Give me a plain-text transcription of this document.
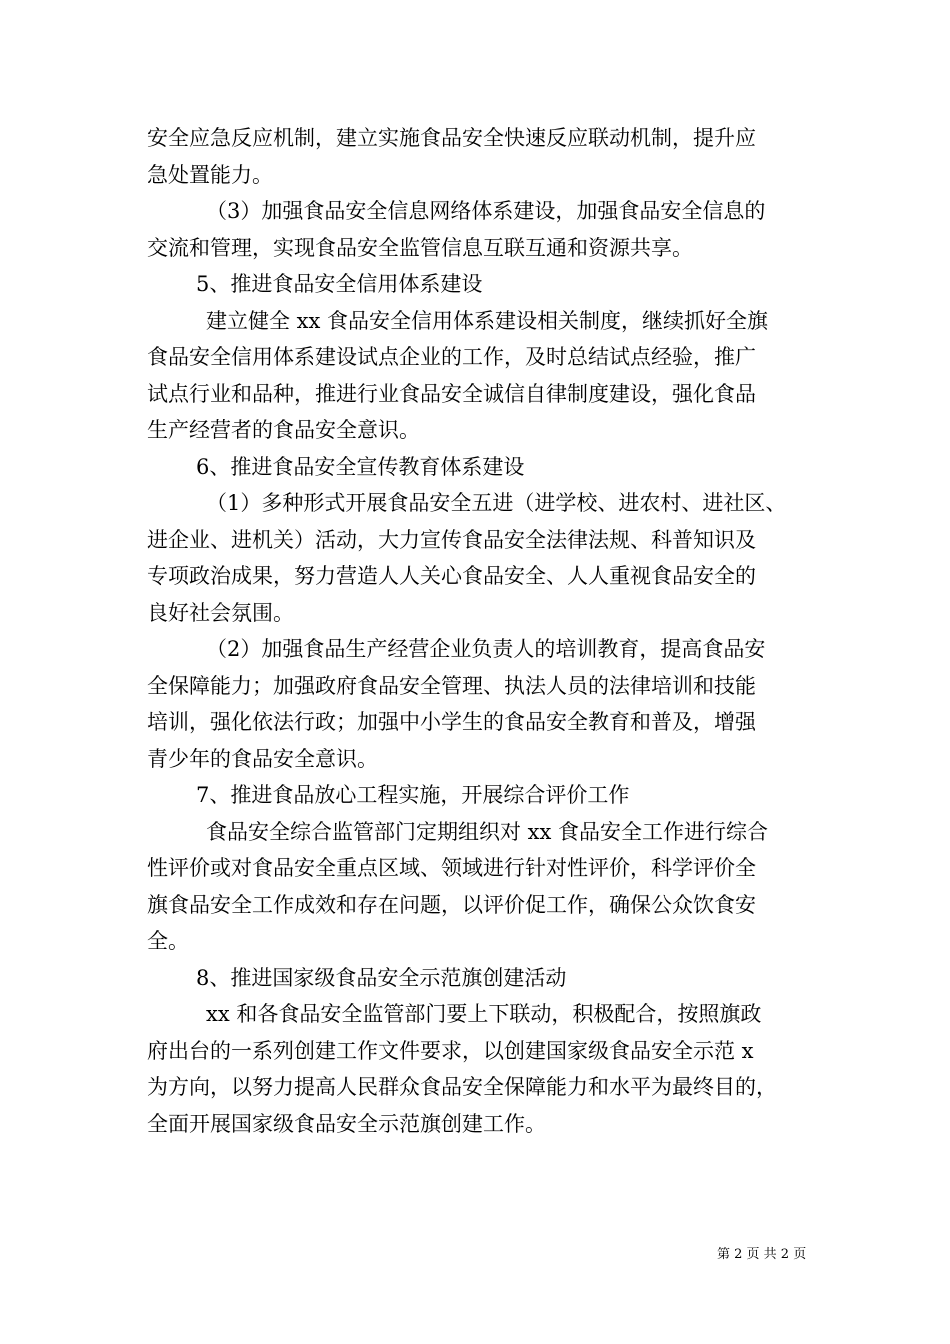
安全应急反应机制，建立实施食品安全快速反应联动机制，提升应
急处置能力。
（3）加强食品安全信息网络体系建设，加强食品安全信息的
交流和管理，实现食品安全监管信息互联互通和资源共享。
5、推进食品安全信用体系建设
建立健全 xx 食品安全信用体系建设相关制度，继续抓好全旗
食品安全信用体系建设试点企业的工作，及时总结试点经验，推广
试点行业和品种，推进行业食品安全诚信自律制度建设，强化食品
生产经营者的食品安全意识。
6、推进食品安全宣传教育体系建设
（1）多种形式开展食品安全五进（进学校、进农村、进社区、
进企业、进机关）活动，大力宣传食品安全法律法规、科普知识及
专项政治成果，努力营造人人关心食品安全、人人重视食品安全的
良好社会氛围。
（2）加强食品生产经营企业负责人的培训教育，提高食品安
全保障能力；加强政府食品安全管理、执法人员的法律培训和技能
培训，强化依法行政；加强中小学生的食品安全教育和普及，增强
青少年的食品安全意识。
7、推进食品放心工程实施，开展综合评价工作
食品安全综合监管部门定期组织对 xx 食品安全工作进行综合
性评价或对食品安全重点区域、领域进行针对性评价，科学评价全
旗食品安全工作成效和存在问题，以评价促工作，确保公众饮食安
全。
8、推进国家级食品安全示范旗创建活动
xx 和各食品安全监管部门要上下联动，积极配合，按照旗政
府出台的一系列创建工作文件要求，以创建国家级食品安全示范 x
为方向，以努力提高人民群众食品安全保障能力和水平为最终目的，
全面开展国家级食品安全示范旗创建工作。
第 2 页 共 2 页
